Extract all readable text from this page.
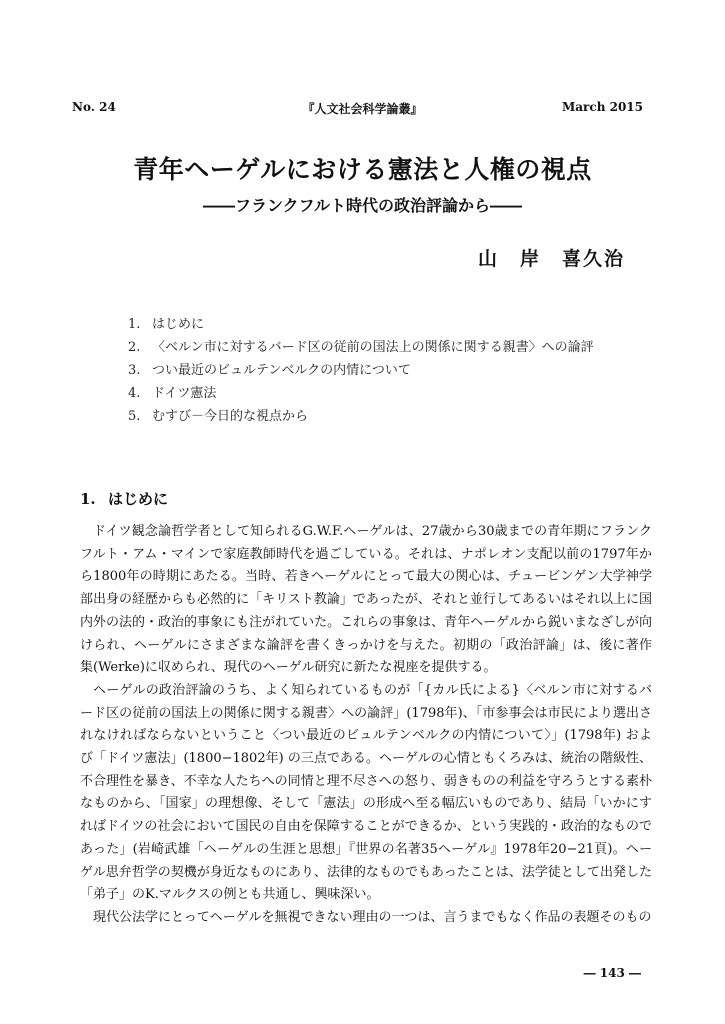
No. 24	『人文社会科学論叢』	March 2015
青年ヘーゲルにおける憲法と人権の視点
――フランクフルト時代の政治評論から――
山　岸　喜久治
1. はじめに
2. 〈ベルン市に対するバード区の従前の国法上の関係に関する親書〉への論評
3. つい最近のビュルテンベルクの内情について
4. ドイツ憲法
5. むすび－今日的な視点から
1. はじめに

ドイツ観念論哲学者として知られるG.W.F.ヘーゲルは、27歳から30歳までの青年期にフランクフルト・アム・マインで家庭教師時代を過ごしている。それは、ナポレオン支配以前の1797年から1800年の時期にあたる。当時、若きヘーゲルにとって最大の関心は、チュービンゲン大学神学部出身の経歴からも必然的に「キリスト教論」であったが、それと並行してあるいはそれ以上に国内外の法的・政治的事象にも注がれていた。これらの事象は、青年ヘーゲルから鋭いまなざしが向けられ、ヘーゲルにさまざまな論評を書くきっかけを与えた。初期の「政治評論」は、後に著作集(Werke)に収められ、現代のヘーゲル研究に新たな視座を提供する。

ヘーゲルの政治評論のうち、よく知られているものが「{カル氏による}〈ベルン市に対するバード区の従前の国法上の関係に関する親書〉への論評」(1798年)、「市参事会は市民により選出されなければならないということ〈つい最近のビュルテンベルクの内情について〉」(1798年) および「ドイツ憲法」(1800−1802年) の三点である。ヘーゲルの心情ともくろみは、統治の階級性、不合理性を暴き、不幸な人たちへの同情と理不尽さへの怒り、弱きものの利益を守ろうとする素朴なものから、「国家」の理想像、そして「憲法」の形成へ至る幅広いものであり、結局「いかにすればドイツの社会において国民の自由を保障することができるか、という実践的・政治的なものであった」(岩崎武雄「ヘーゲルの生涯と思想」『世界の名著35ヘーゲル』1978年20−21頁)。ヘーゲル思弁哲学の契機が身近なものにあり、法律的なものでもあったことは、法学徒として出発した「弟子」のK.マルクスの例とも共通し、興味深い。

現代公法学にとってヘーゲルを無視できない理由の一つは、言うまでもなく作品の表題そのもの

― 143 ―
